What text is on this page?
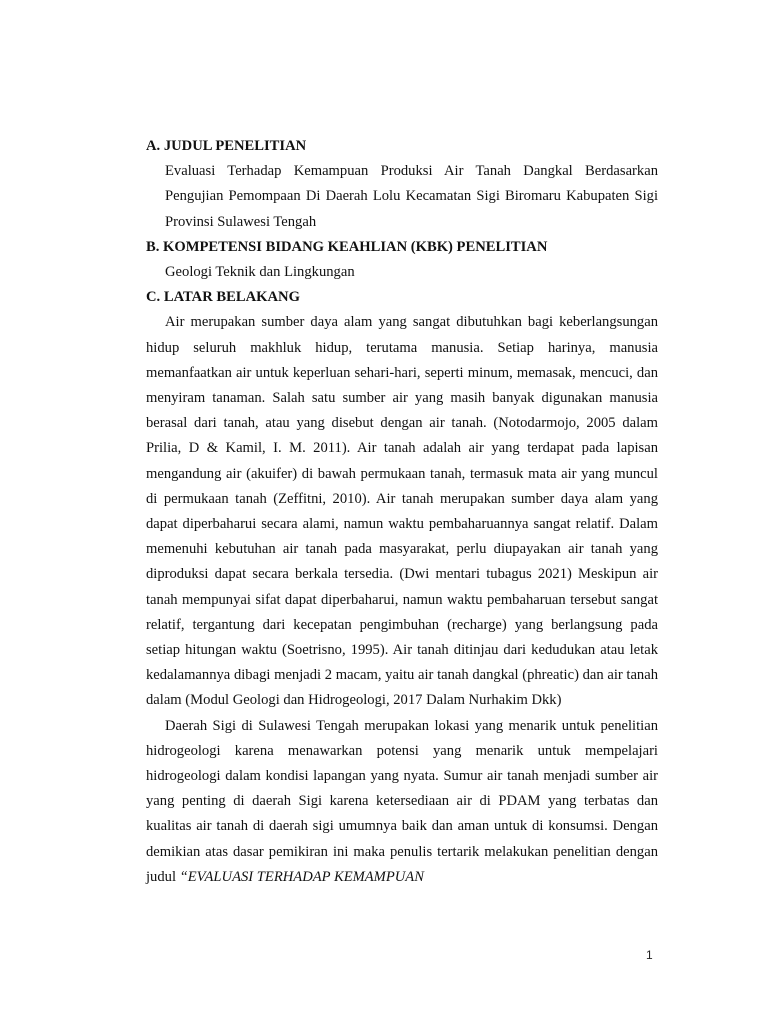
A. JUDUL PENELITIAN
Evaluasi Terhadap Kemampuan Produksi Air Tanah Dangkal Berdasarkan Pengujian Pemompaan Di Daerah Lolu Kecamatan Sigi Biromaru Kabupaten Sigi Provinsi Sulawesi Tengah
B. KOMPETENSI BIDANG KEAHLIAN (KBK) PENELITIAN
Geologi Teknik dan Lingkungan
C. LATAR BELAKANG

Air merupakan sumber daya alam yang sangat dibutuhkan bagi keberlangsungan hidup seluruh makhluk hidup, terutama manusia. Setiap harinya, manusia memanfaatkan air untuk keperluan sehari-hari, seperti minum, memasak, mencuci, dan menyiram tanaman. Salah satu sumber air yang masih banyak digunakan manusia berasal dari tanah, atau yang disebut dengan air tanah. (Notodarmojo, 2005 dalam Prilia, D & Kamil, I. M. 2011). Air tanah adalah air yang terdapat pada lapisan mengandung air (akuifer) di bawah permukaan tanah, termasuk mata air yang muncul di permukaan tanah (Zeffitni, 2010). Air tanah merupakan sumber daya alam yang dapat diperbaharui secara alami, namun waktu pembaharuannya sangat relatif. Dalam memenuhi kebutuhan air tanah pada masyarakat, perlu diupayakan air tanah yang diproduksi dapat secara berkala tersedia. (Dwi mentari tubagus 2021) Meskipun air tanah mempunyai sifat dapat diperbaharui, namun waktu pembaharuan tersebut sangat relatif, tergantung dari kecepatan pengimbuhan (recharge) yang berlangsung pada setiap hitungan waktu (Soetrisno, 1995). Air tanah ditinjau dari kedudukan atau letak kedalamannya dibagi menjadi 2 macam, yaitu air tanah dangkal (phreatic) dan air tanah dalam (Modul Geologi dan Hidrogeologi, 2017 Dalam Nurhakim Dkk)

Daerah Sigi di Sulawesi Tengah merupakan lokasi yang menarik untuk penelitian hidrogeologi karena menawarkan potensi yang menarik untuk mempelajari hidrogeologi dalam kondisi lapangan yang nyata. Sumur air tanah menjadi sumber air yang penting di daerah Sigi karena ketersediaan air di PDAM yang terbatas dan kualitas air tanah di daerah sigi umumnya baik dan aman untuk di konsumsi. Dengan demikian atas dasar pemikiran ini maka penulis tertarik melakukan penelitian dengan judul “EVALUASI TERHADAP KEMAMPUAN

1
